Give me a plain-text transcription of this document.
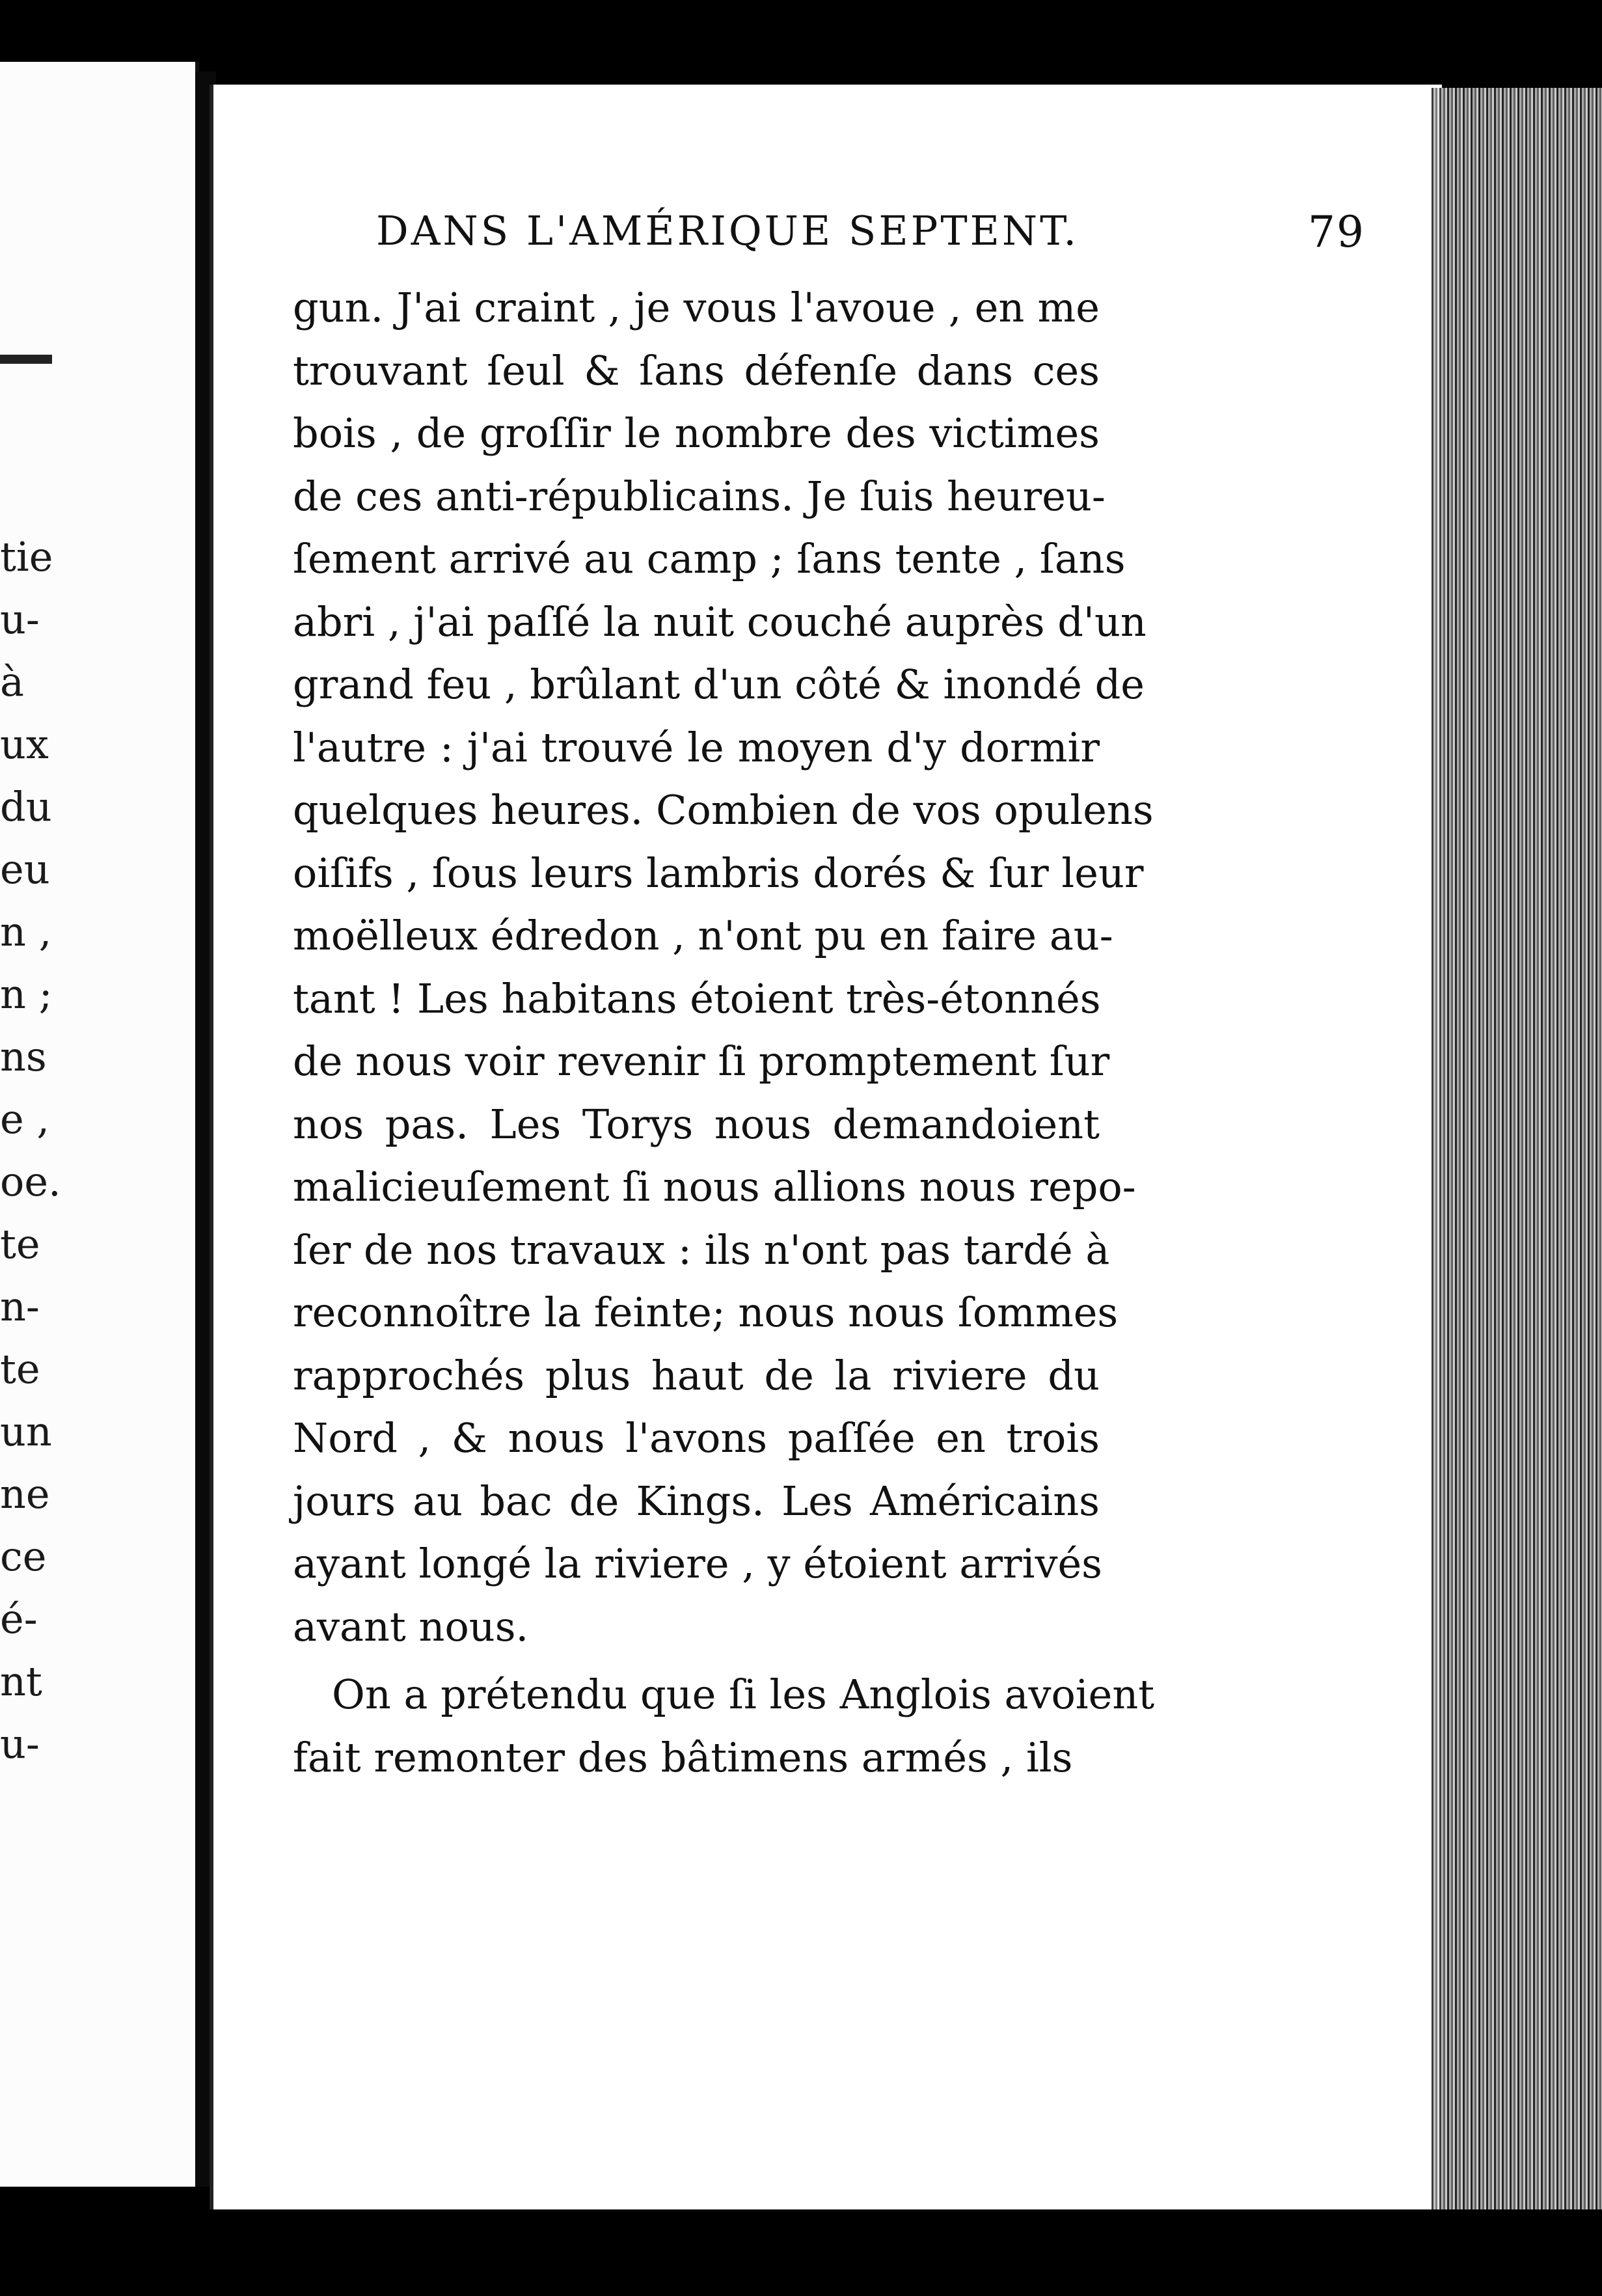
tie
u-
à
ux
du
eu
n ,
n ;
ns
e ,
oe.
te
n-
te
un
ne
ce
é-
nt
u-
DANS L'AMÉRIQUE SEPTENT.	79
gun. J'ai craint , je vous l'avoue , en me
trouvant ſeul & ſans défenſe dans ces
bois , de groſſir le nombre des victimes
de ces anti-républicains. Je ſuis heureu-
ſement arrivé au camp ; ſans tente , ſans
abri , j'ai paſſé la nuit couché auprès d'un
grand feu , brûlant d'un côté & inondé de
l'autre : j'ai trouvé le moyen d'y dormir
quelques heures. Combien de vos opulens
oiſifs , ſous leurs lambris dorés & ſur leur
moëlleux édredon , n'ont pu en faire au-
tant ! Les habitans étoient très-étonnés
de nous voir revenir ſi promptement ſur
nos pas. Les Torys nous demandoient
malicieuſement ſi nous allions nous repo-
ſer de nos travaux : ils n'ont pas tardé à
reconnoître la feinte; nous nous ſommes
rapprochés plus haut de la riviere du
Nord , & nous l'avons paſſée en trois
jours au bac de Kings. Les Américains
ayant longé la riviere , y étoient arrivés
avant nous.
On a prétendu que ſi les Anglois avoient
fait remonter des bâtimens armés , ils
